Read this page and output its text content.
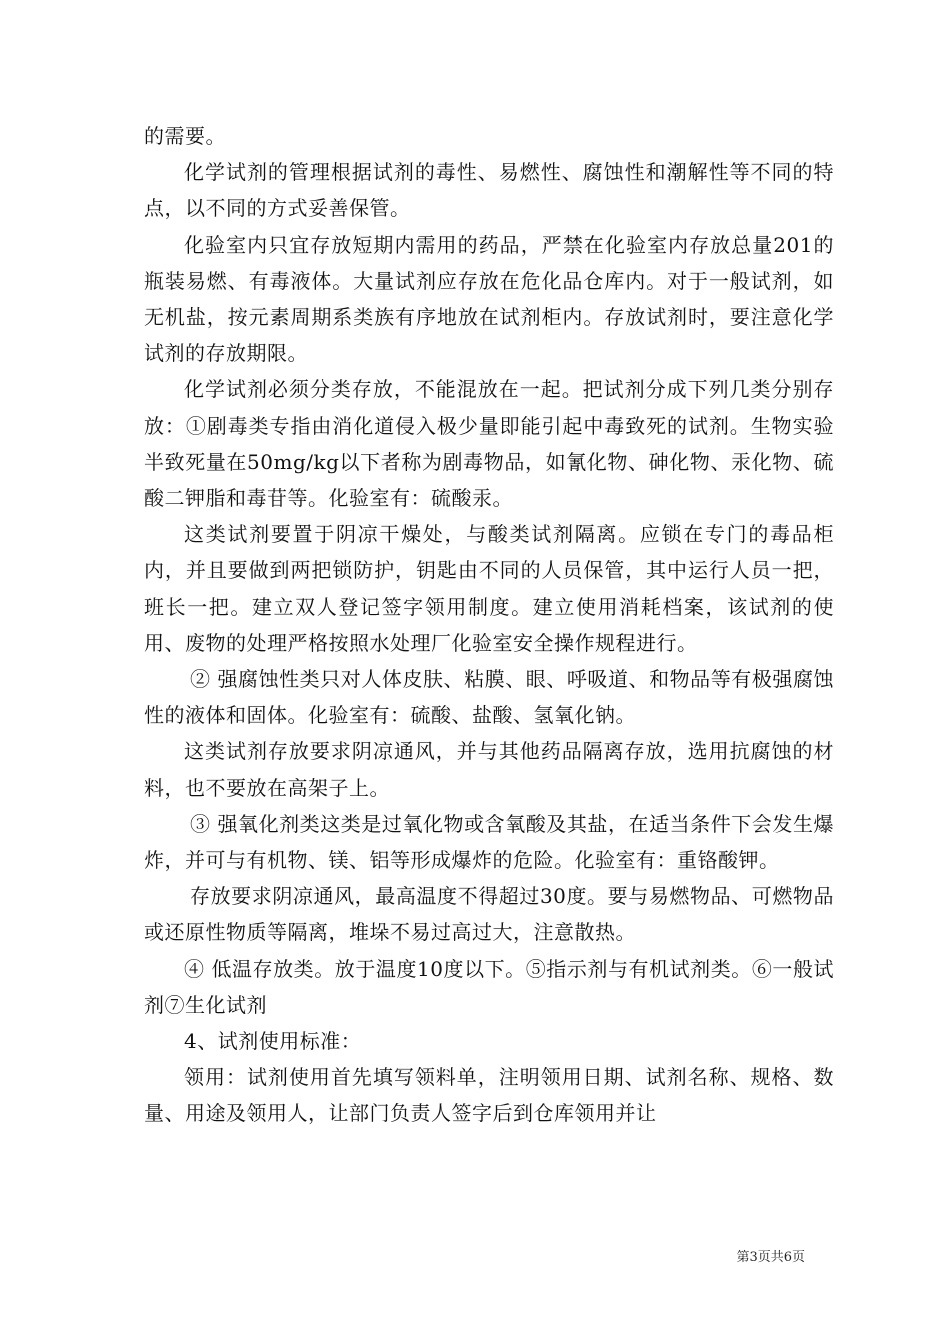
的需要。

化学试剂的管理根据试剂的毒性、易燃性、腐蚀性和潮解性等不同的特点，以不同的方式妥善保管。

化验室内只宜存放短期内需用的药品，严禁在化验室内存放总量201的瓶装易燃、有毒液体。大量试剂应存放在危化品仓库内。对于一般试剂，如无机盐，按元素周期系类族有序地放在试剂柜内。存放试剂时，要注意化学试剂的存放期限。

化学试剂必须分类存放，不能混放在一起。把试剂分成下列几类分别存放：①剧毒类专指由消化道侵入极少量即能引起中毒致死的试剂。生物实验半致死量在50mg/kg以下者称为剧毒物品，如氰化物、砷化物、汞化物、硫酸二钾脂和毒苷等。化验室有：硫酸汞。

这类试剂要置于阴凉干燥处，与酸类试剂隔离。应锁在专门的毒品柜内，并且要做到两把锁防护，钥匙由不同的人员保管，其中运行人员一把，班长一把。建立双人登记签字领用制度。建立使用消耗档案，该试剂的使用、废物的处理严格按照水处理厂化验室安全操作规程进行。

② 强腐蚀性类只对人体皮肤、粘膜、眼、呼吸道、和物品等有极强腐蚀性的液体和固体。化验室有：硫酸、盐酸、氢氧化钠。

这类试剂存放要求阴凉通风，并与其他药品隔离存放，选用抗腐蚀的材料，也不要放在高架子上。

③ 强氧化剂类这类是过氧化物或含氧酸及其盐，在适当条件下会发生爆炸，并可与有机物、镁、铝等形成爆炸的危险。化验室有：重铬酸钾。

存放要求阴凉通风，最高温度不得超过30度。要与易燃物品、可燃物品或还原性物质等隔离，堆垛不易过高过大，注意散热。

④ 低温存放类。放于温度10度以下。⑤指示剂与有机试剂类。⑥一般试剂⑦生化试剂

4、试剂使用标准：

领用：试剂使用首先填写领料单，注明领用日期、试剂名称、规格、数量、用途及领用人，让部门负责人签字后到仓库领用并让

第3页共6页
